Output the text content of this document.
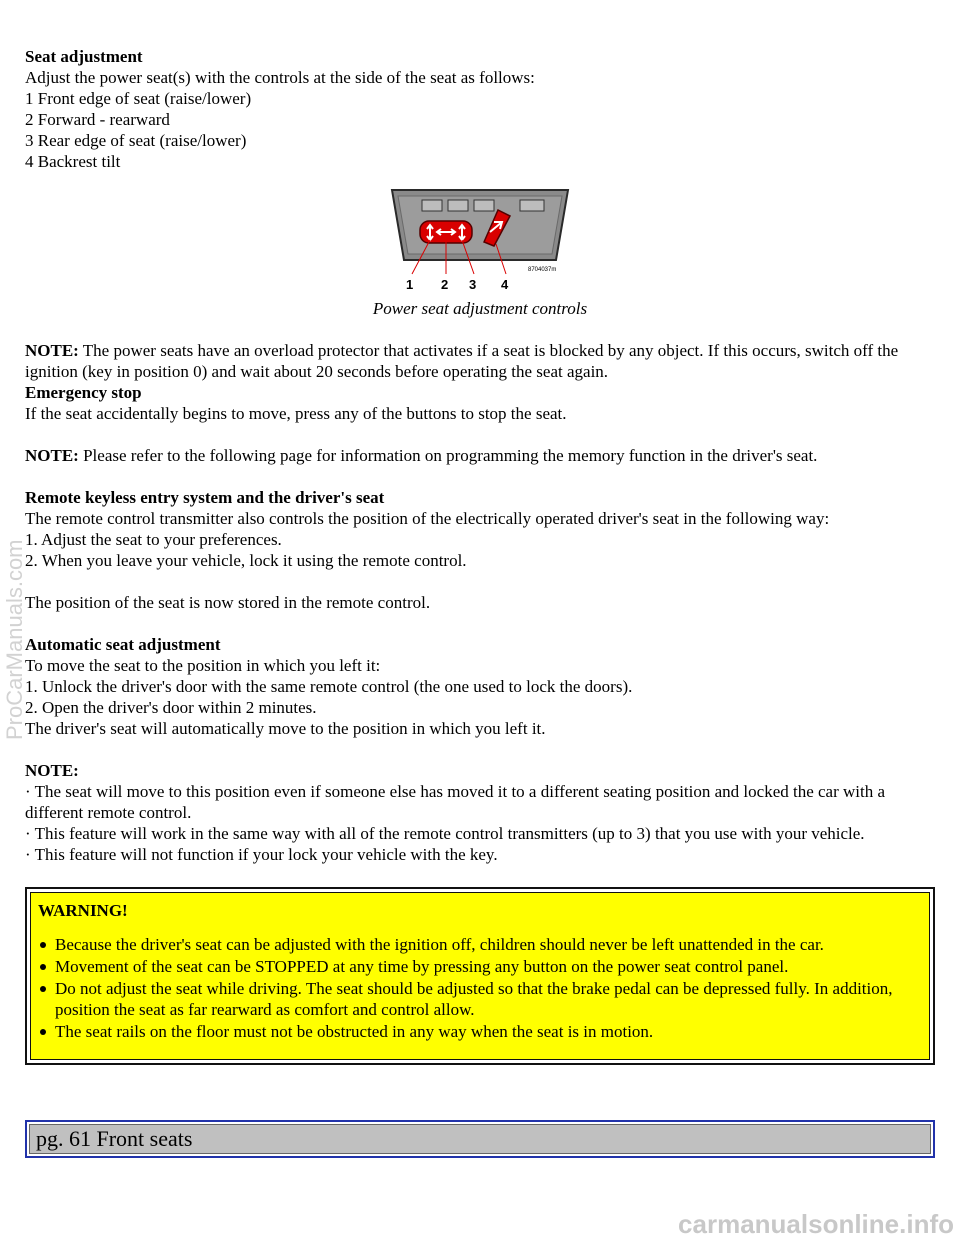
Seat adjustment
Adjust the power seat(s) with the controls at the side of the seat as follows:
1 Front edge of seat (raise/lower)
2 Forward - rearward
3 Rear edge of seat (raise/lower)
4 Backrest tilt
1 2 3 4
8704037m
Power seat adjustment controls
NOTE: The power seats have an overload protector that activates if a seat is blocked by any object. If this occurs, switch off the ignition (key in position 0) and wait about 20 seconds before operating the seat again.
Emergency stop
If the seat accidentally begins to move, press any of the buttons to stop the seat.
NOTE: Please refer to the following page for information on programming the memory function in the driver's seat.
Remote keyless entry system and the driver's seat
The remote control transmitter also controls the position of the electrically operated driver's seat in the following way:
1. Adjust the seat to your preferences.
2. When you leave your vehicle, lock it using the remote control.
The position of the seat is now stored in the remote control.
Automatic seat adjustment
To move the seat to the position in which you left it:
1. Unlock the driver's door with the same remote control (the one used to lock the doors).
2. Open the driver's door within 2 minutes.
The driver's seat will automatically move to the position in which you left it.
NOTE:
· The seat will move to this position even if someone else has moved it to a different seating position and locked the car with a different remote control.
· This feature will work in the same way with all of the remote control transmitters (up to 3) that you use with your vehicle.
· This feature will not function if your lock your vehicle with the key.
WARNING!
Because the driver's seat can be adjusted with the ignition off, children should never be left unattended in the car.
Movement of the seat can be STOPPED at any time by pressing any button on the power seat control panel.
Do not adjust the seat while driving. The seat should be adjusted so that the brake pedal can be depressed fully. In addition, position the seat as far rearward as comfort and control allow.
The seat rails on the floor must not be obstructed in any way when the seat is in motion.
pg. 61 Front seats
ProCarManuals.com
carmanualsonline.info
